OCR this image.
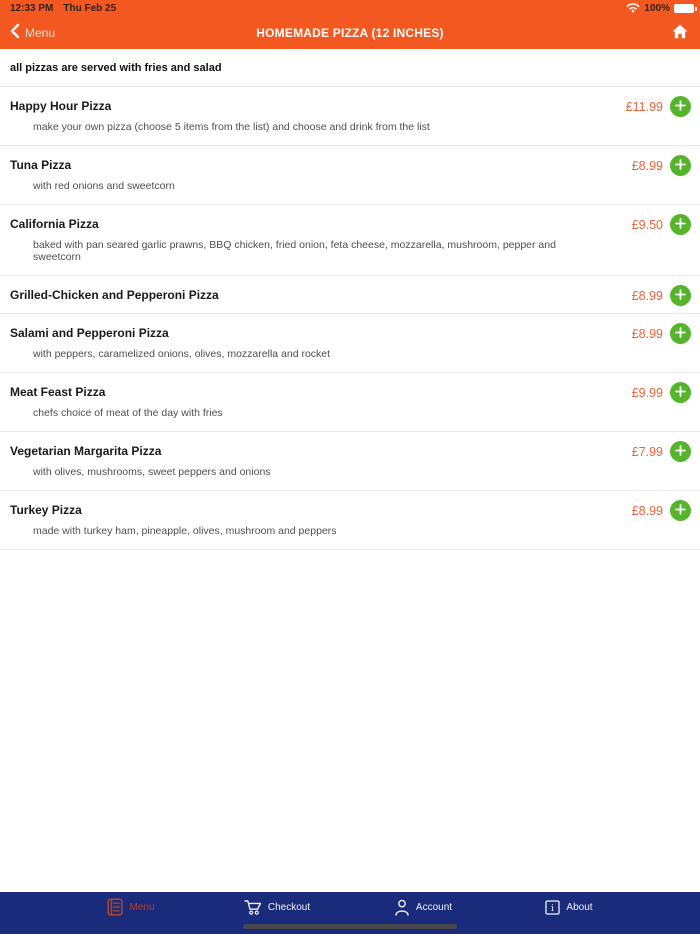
12:33 PM Thu Feb 25	100%
Menu	HOMEMADE PIZZA (12 INCHES)
all pizzas are served with fries and salad
Happy Hour Pizza
make your own pizza (choose 5 items from the list) and choose and drink from the list
£11.99
Tuna Pizza
with red onions and sweetcorn
£8.99
California Pizza
baked with pan seared garlic prawns, BBQ chicken, fried onion, feta cheese, mozzarella, mushroom, pepper and sweetcorn
£9.50
Grilled-Chicken and Pepperoni Pizza	£8.99
Salami and Pepperoni Pizza
with peppers, caramelized onions, olives, mozzarella and rocket
£8.99
Meat Feast Pizza
chefs choice of meat of the day with fries
£9.99
Vegetarian Margarita Pizza
with olives, mushrooms, sweet peppers and onions
£7.99
Turkey Pizza
made with turkey ham, pineapple, olives, mushroom and peppers
£8.99
Menu	Checkout	Account	i About
